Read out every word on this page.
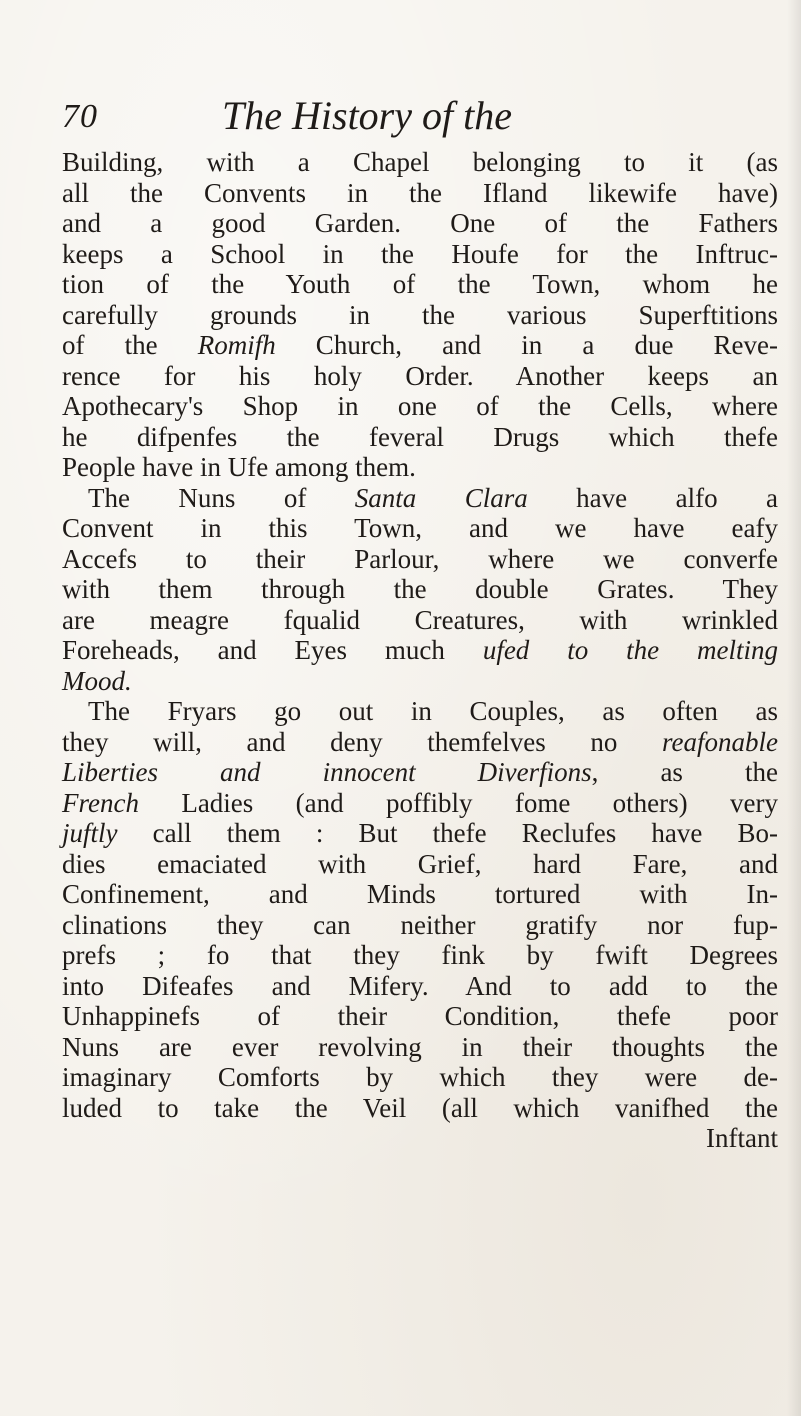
70	The History of the
Building, with a Chapel belonging to it (as
all the Convents in the Ifland likewife have)
and a good Garden. One of the Fathers
keeps a School in the Houfe for the Inftruc-
tion of the Youth of the Town, whom he
carefully grounds in the various Superftitions
of the Romifh Church, and in a due Reve-
rence for his holy Order. Another keeps an
Apothecary's Shop in one of the Cells, where
he difpenfes the feveral Drugs which thefe
People have in Ufe among them.
The Nuns of Santa Clara have alfo a
Convent in this Town, and we have eafy
Accefs to their Parlour, where we converfe
with them through the double Grates. They
are meagre fqualid Creatures, with wrinkled
Foreheads, and Eyes much ufed to the melting
Mood.
The Fryars go out in Couples, as often as
they will, and deny themfelves no reafonable
Liberties and innocent Diverfions, as the
French Ladies (and poffibly fome others) very
juftly call them : But thefe Reclufes have Bo-
dies emaciated with Grief, hard Fare, and
Confinement, and Minds tortured with In-
clinations they can neither gratify nor fup-
prefs ; fo that they fink by fwift Degrees
into Difeafes and Mifery. And to add to the
Unhappinefs of their Condition, thefe poor
Nuns are ever revolving in their thoughts the
imaginary Comforts by which they were de-
luded to take the Veil (all which vanifhed the
Inftant
